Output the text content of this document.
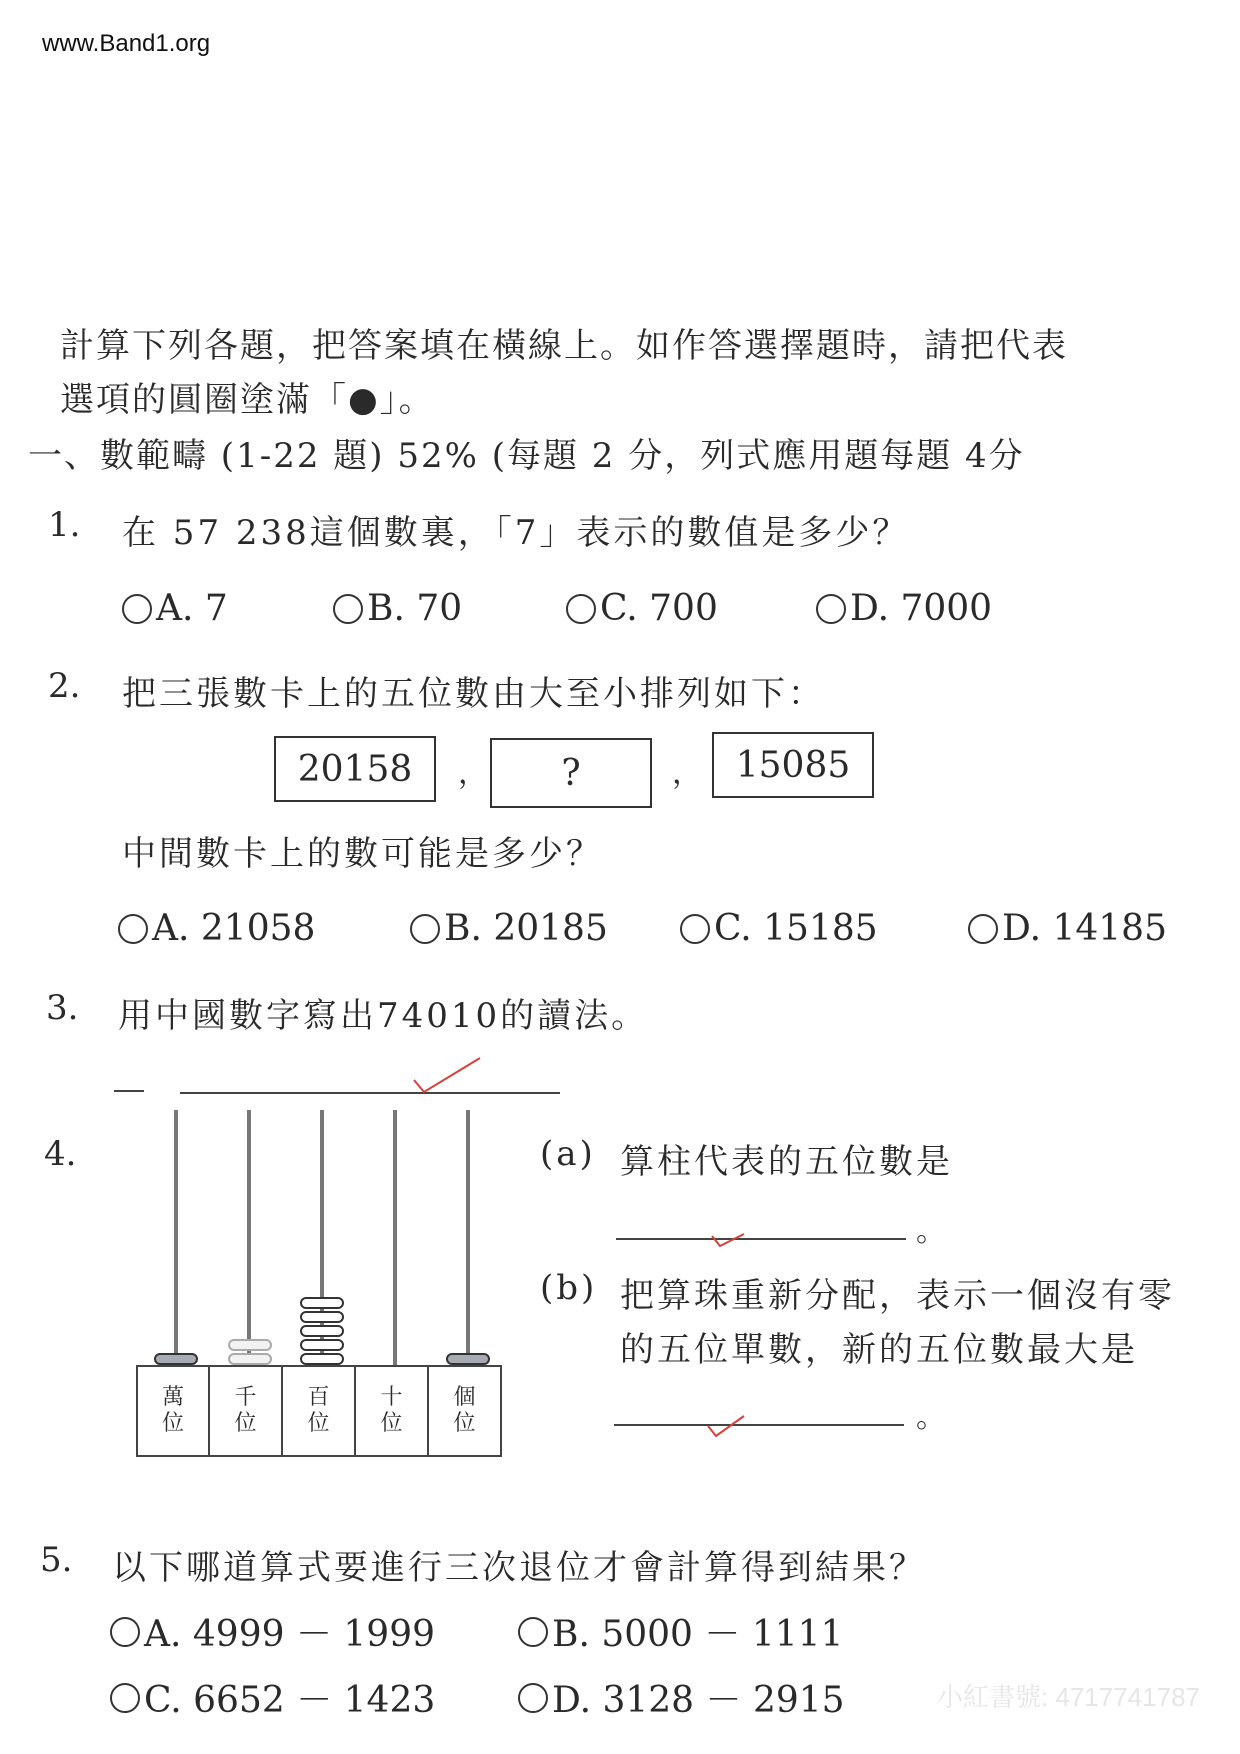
www.Band1.org
計算下列各題，把答案填在橫線上。如作答選擇題時，請把代表
選項的圓圈塗滿「●」。
一、數範疇 (1-22 題) 52% (每題 2 分，列式應用題每題 4分
1. 在 57 238這個數裏，「7」表示的數值是多少？
A. 7	B. 70	C. 700	D. 7000
2. 把三張數卡上的五位數由大至小排列如下：
20158	，	?	， 15085
中間數卡上的數可能是多少？
A. 21058	B. 20185	C. 15185	D. 14185
3. 用中國數字寫出74010的讀法。
4.
萬
位
千
位
百
位
十
位
個
位
(a) 算柱代表的五位數是
。
(b) 把算珠重新分配，表示一個沒有零
的五位單數，新的五位數最大是
。
5. 以下哪道算式要進行三次退位才會計算得到結果？
A. 4999 － 1999	B. 5000 － 1111
C. 6652 － 1423	D. 3128 － 2915	小紅書號: 4717741787
